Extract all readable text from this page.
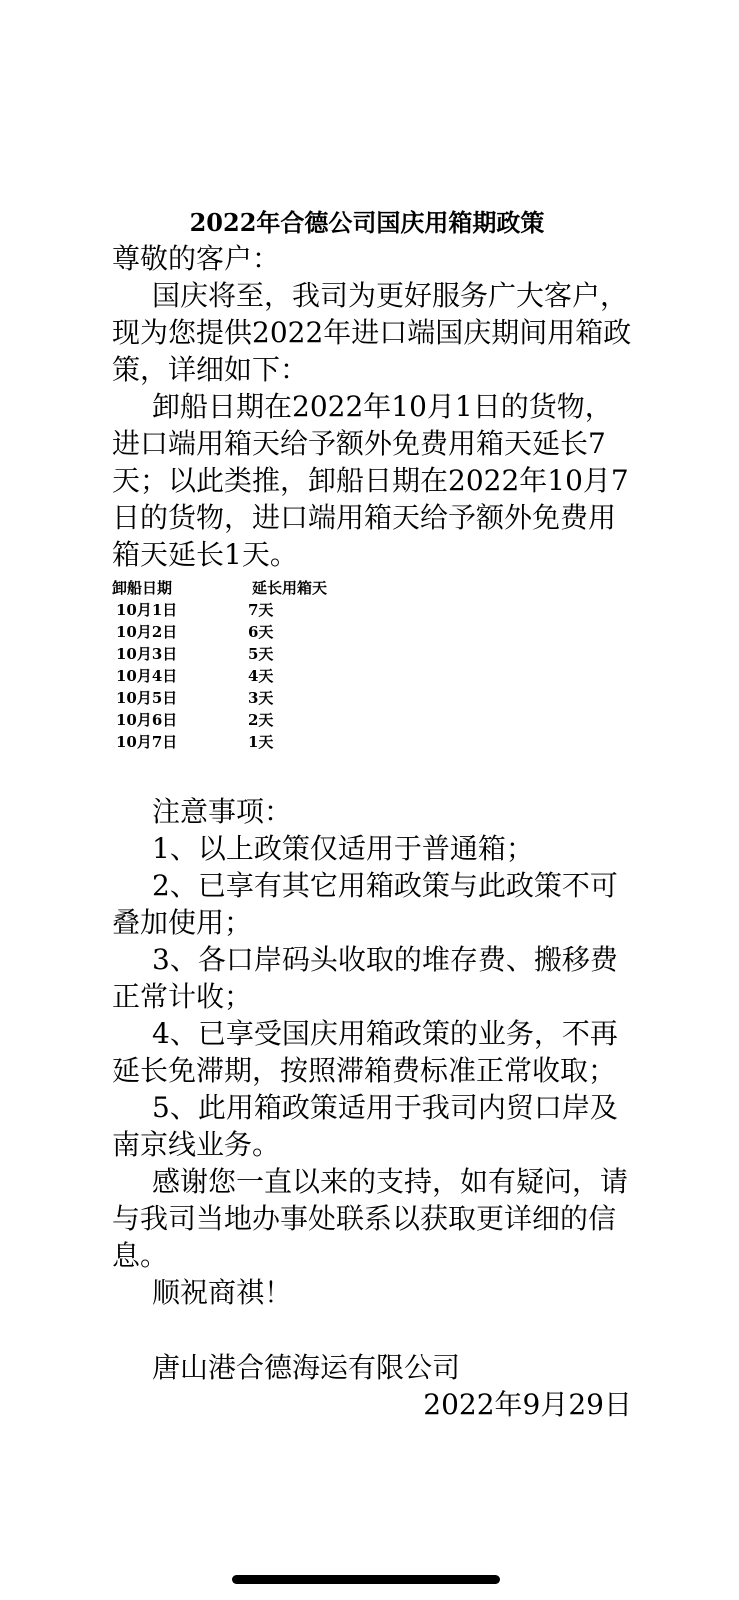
2022年合德公司国庆用箱期政策

尊敬的客户：

国庆将至，我司为更好服务广大客户，现为您提供2022年进口端国庆期间用箱政策，详细如下：

卸船日期在2022年10月1日的货物，进口端用箱天给予额外免费用箱天延长7天；以此类推，卸船日期在2022年10月7日的货物，进口端用箱天给予额外免费用箱天延长1天。

卸船日期	延长用箱天
10月1日	7天
10月2日	6天
10月3日	5天
10月4日	4天
10月5日	3天
10月6日	2天
10月7日	1天

注意事项：

1、以上政策仅适用于普通箱；

2、已享有其它用箱政策与此政策不可叠加使用；

3、各口岸码头收取的堆存费、搬移费正常计收；

4、已享受国庆用箱政策的业务，不再延长免滞期，按照滞箱费标准正常收取；

5、此用箱政策适用于我司内贸口岸及南京线业务。

感谢您一直以来的支持，如有疑问，请与我司当地办事处联系以获取更详细的信息。

顺祝商祺！

唐山港合德海运有限公司

2022年9月29日
